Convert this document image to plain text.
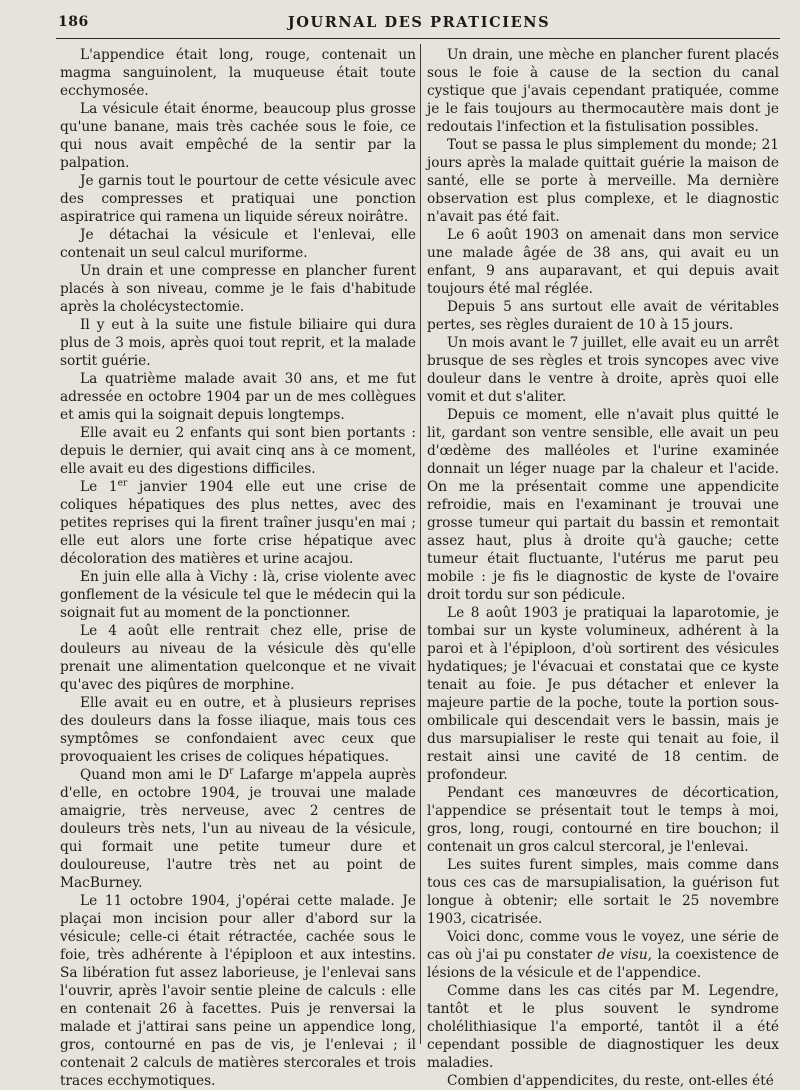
186	JOURNAL DES PRATICIENS

L'appendice était long, rouge, contenait un magma sanguinolent, la muqueuse était toute ecchymosée.

La vésicule était énorme, beaucoup plus grosse qu'une banane, mais très cachée sous le foie, ce qui nous avait empêché de la sentir par la palpation.

Je garnis tout le pourtour de cette vésicule avec des compresses et pratiquai une ponction aspiratrice qui ramena un liquide séreux noirâtre.

Je détachai la vésicule et l'enlevai, elle contenait un seul calcul muriforme.

Un drain et une compresse en plancher furent placés à son niveau, comme je le fais d'habitude après la cholécystectomie.

Il y eut à la suite une fistule biliaire qui dura plus de 3 mois, après quoi tout reprit, et la malade sortit guérie.

La quatrième malade avait 30 ans, et me fut adressée en octobre 1904 par un de mes collègues et amis qui la soignait depuis longtemps.

Elle avait eu 2 enfants qui sont bien portants : depuis le dernier, qui avait cinq ans à ce moment, elle avait eu des digestions difficiles.

Le 1er janvier 1904 elle eut une crise de coliques hépatiques des plus nettes, avec des petites reprises qui la firent traîner jusqu'en mai ; elle eut alors une forte crise hépatique avec décoloration des matières et urine acajou.

En juin elle alla à Vichy : là, crise violente avec gonflement de la vésicule tel que le médecin qui la soignait fut au moment de la ponctionner.

Le 4 août elle rentrait chez elle, prise de douleurs au niveau de la vésicule dès qu'elle prenait une alimentation quelconque et ne vivait qu'avec des piqûres de morphine.

Elle avait eu en outre, et à plusieurs reprises des douleurs dans la fosse iliaque, mais tous ces symptômes se confondaient avec ceux que provoquaient les crises de coliques hépatiques.

Quand mon ami le $D^r$ Lafarge m'appela auprès d'elle, en octobre 1904, je trouvai une malade amaigrie, très nerveuse, avec 2 centres de douleurs très nets, l'un au niveau de la vésicule, qui formait une petite tumeur dure et douloureuse, l'autre très net au point de MacBurney.

Le 11 octobre 1904, j'opérai cette malade. Je plaçai mon incision pour aller d'abord sur la vésicule; celle-ci était rétractée, cachée sous le foie, très adhérente à l'épiploon et aux intestins. Sa libération fut assez laborieuse, je l'enlevai sans l'ouvrir, après l'avoir sentie pleine de calculs : elle en contenait 26 à facettes. Puis je renversai la malade et j'attirai sans peine un appendice long, gros, contourné en pas de vis, je l'enlevai ; il contenait 2 calculs de matières stercorales et trois traces ecchymotiques.

Un drain, une mèche en plancher furent placés sous le foie à cause de la section du canal cystique que j'avais cependant pratiquée, comme je le fais toujours au thermocautère mais dont je redoutais l'infection et la fistulisation possibles.

Tout se passa le plus simplement du monde; 21 jours après la malade quittait guérie la maison de santé, elle se porte à merveille. Ma dernière observation est plus complexe, et le diagnostic n'avait pas été fait.

Le 6 août 1903 on amenait dans mon service une malade âgée de 38 ans, qui avait eu un enfant, 9 ans auparavant, et qui depuis avait toujours été mal réglée.

Depuis 5 ans surtout elle avait de véritables pertes, ses règles duraient de 10 à 15 jours.

Un mois avant le 7 juillet, elle avait eu un arrêt brusque de ses règles et trois syncopes avec vive douleur dans le ventre à droite, après quoi elle vomit et dut s'aliter.

Depuis ce moment, elle n'avait plus quitté le lit, gardant son ventre sensible, elle avait un peu d'œdème des malléoles et l'urine examinée donnait un léger nuage par la chaleur et l'acide. On me la présentait comme une appendicite refroidie, mais en l'examinant je trouvai une grosse tumeur qui partait du bassin et remontait assez haut, plus à droite qu'à gauche; cette tumeur était fluctuante, l'utérus me parut peu mobile : je fis le diagnostic de kyste de l'ovaire droit tordu sur son pédicule.

Le 8 août 1903 je pratiquai la laparotomie, je tombai sur un kyste volumineux, adhérent à la paroi et à l'épiploon, d'où sortirent des vésicules hydatiques; je l'évacuai et constatai que ce kyste tenait au foie. Je pus détacher et enlever la majeure partie de la poche, toute la portion sous-ombilicale qui descendait vers le bassin, mais je dus marsupialiser le reste qui tenait au foie, il restait ainsi une cavité de 18 centim. de profondeur.

Pendant ces manœuvres de décortication, l'appendice se présentait tout le temps à moi, gros, long, rougi, contourné en tire bouchon; il contenait un gros calcul stercoral, je l'enlevai.

Les suites furent simples, mais comme dans tous ces cas de marsupialisation, la guérison fut longue à obtenir; elle sortait le 25 novembre 1903, cicatrisée.

Voici donc, comme vous le voyez, une série de cas où j'ai pu constater de visu, la coexistence de lésions de la vésicule et de l'appendice.

Comme dans les cas cités par M. Legendre, tantôt et le plus souvent le syndrome cholélithiasique l'a emporté, tantôt il a été cependant possible de diagnostiquer les deux maladies.

Combien d'appendicites, du reste, ont-elles été
